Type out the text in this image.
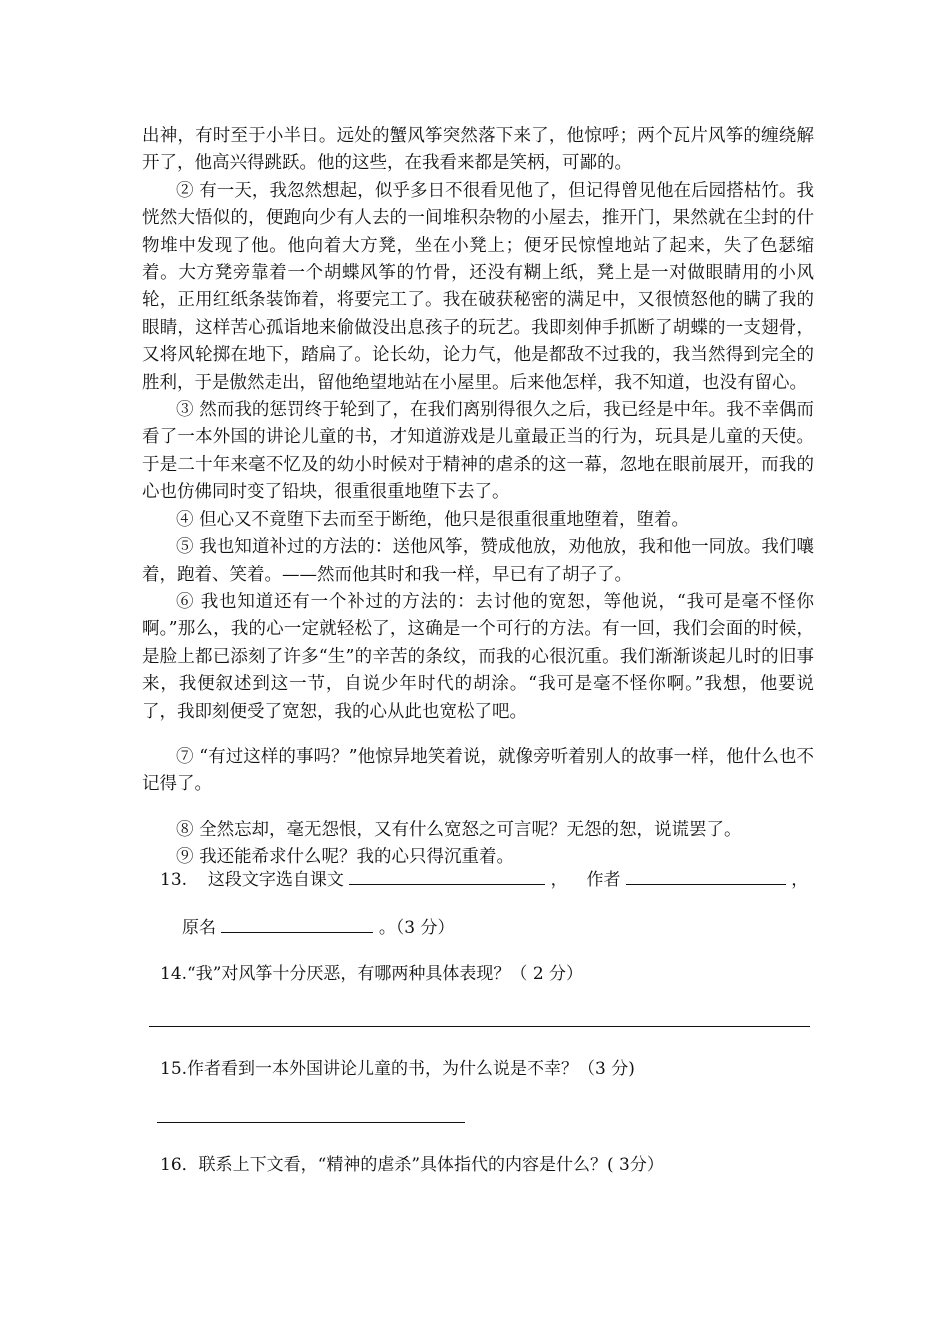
出神，有时至于小半日。远处的蟹风筝突然落下来了，他惊呼；两个瓦片风筝的缠绕解开了，他高兴得跳跃。他的这些，在我看来都是笑柄，可鄙的。

② 有一天，我忽然想起，似乎多日不很看见他了，但记得曾见他在后园搭枯竹。我恍然大悟似的，便跑向少有人去的一间堆积杂物的小屋去，推开门，果然就在尘封的什物堆中发现了他。他向着大方凳，坐在小凳上；便牙民惊惶地站了起来，失了色瑟缩着。大方凳旁靠着一个胡蝶风筝的竹骨，还没有糊上纸，凳上是一对做眼睛用的小风轮，正用红纸条装饰着，将要完工了。我在破获秘密的满足中，又很愤怒他的瞒了我的眼睛，这样苦心孤诣地来偷做没出息孩子的玩艺。我即刻伸手抓断了胡蝶的一支翅骨，又将风轮掷在地下，踏扁了。论长幼，论力气，他是都敌不过我的，我当然得到完全的胜利，于是傲然走出，留他绝望地站在小屋里。后来他怎样，我不知道，也没有留心。

③ 然而我的惩罚终于轮到了，在我们离别得很久之后，我已经是中年。我不幸偶而看了一本外国的讲论儿童的书，才知道游戏是儿童最正当的行为，玩具是儿童的天使。于是二十年来毫不忆及的幼小时候对于精神的虐杀的这一幕，忽地在眼前展开，而我的心也仿佛同时变了铅块，很重很重地堕下去了。

④ 但心又不竟堕下去而至于断绝，他只是很重很重地堕着，堕着。

⑤ 我也知道补过的方法的：送他风筝，赞成他放，劝他放，我和他一同放。我们嚷着，跑着、笑着。——然而他其时和我一样，早已有了胡子了。

⑥ 我也知道还有一个补过的方法的：去讨他的宽恕，等他说，“我可是毫不怪你啊。”那么，我的心一定就轻松了，这确是一个可行的方法。有一回，我们会面的时候，是脸上都已添刻了许多“生”的辛苦的条纹，而我的心很沉重。我们渐渐谈起儿时的旧事来，我便叙述到这一节，自说少年时代的胡涂。“我可是毫不怪你啊。”我想，他要说了，我即刻便受了宽恕，我的心从此也宽松了吧。

⑦ “有过这样的事吗？”他惊异地笑着说，就像旁听着别人的故事一样，他什么也不记得了。

⑧ 全然忘却，毫无怨恨，又有什么宽怒之可言呢？无怨的恕，说谎罢了。

⑨ 我还能希求什么呢？我的心只得沉重着。

13. 这段文字选自课文	， 作者	，
原名	。（3 分）
14.“我”对风筝十分厌恶，有哪两种具体表现？（ 2 分）
15.作者看到一本外国讲论儿童的书，为什么说是不幸？（3 分)
16．联系上下文看，“精神的虐杀”具体指代的内容是什么？( 3分）
